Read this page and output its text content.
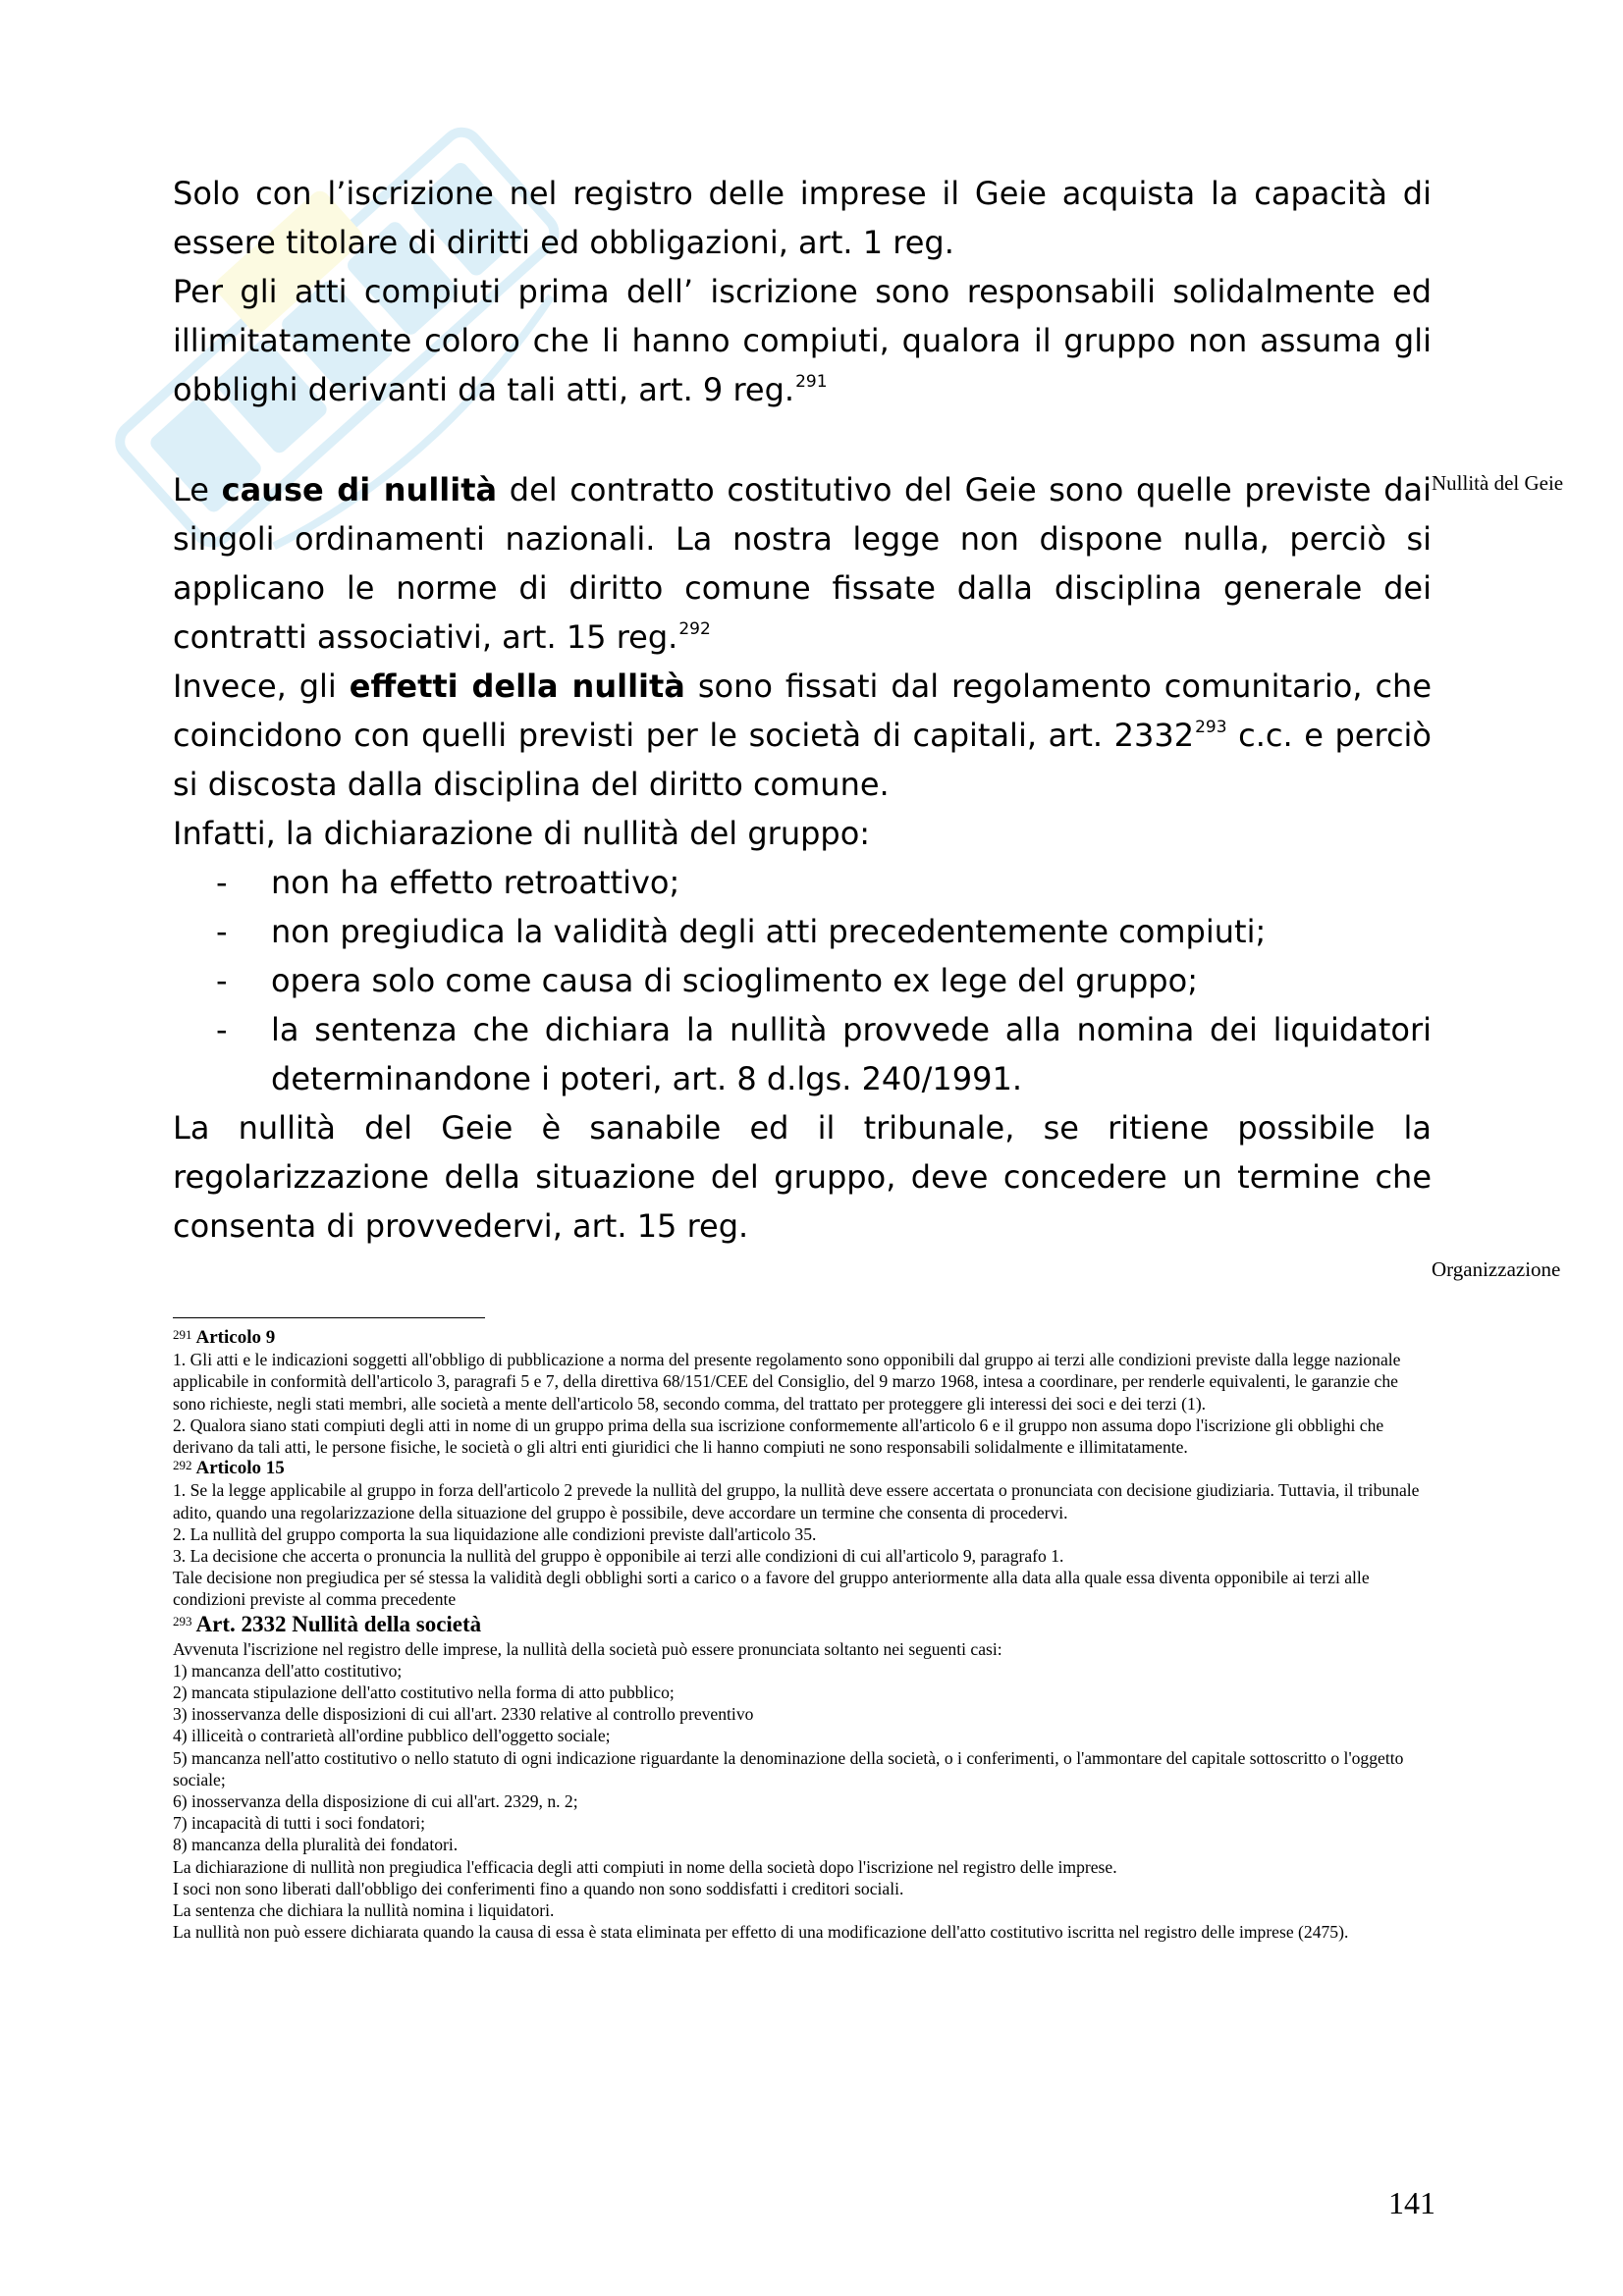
Solo con l’iscrizione nel registro delle imprese il Geie acquista la capacità di essere titolare di diritti ed obbligazioni, art. 1 reg.

Per gli atti compiuti prima dell’ iscrizione sono responsabili solidalmente ed illimitatamente coloro che li hanno compiuti, qualora il gruppo non assuma gli obblighi derivanti da tali atti, art. 9 reg.$^{291}$

Le cause di nullità del contratto costitutivo del Geie sono quelle previste dai singoli ordinamenti nazionali. La nostra legge non dispone nulla, perciò si applicano le norme di diritto comune fissate dalla disciplina generale dei contratti associativi, art. 15 reg.$^{292}$

Invece, gli effetti della nullità sono fissati dal regolamento comunitario, che coincidono con quelli previsti per le società di capitali, art. 2332$^{293}$ c.c. e perciò si discosta dalla disciplina del diritto comune.

Infatti, la dichiarazione di nullità del gruppo:

- non ha effetto retroattivo;
- non pregiudica la validità degli atti precedentemente compiuti;
- opera solo come causa di scioglimento ex lege del gruppo;
- la sentenza che dichiara la nullità provvede alla nomina dei liquidatori determinandone i poteri, art. 8 d.lgs. 240/1991.

La nullità del Geie è sanabile ed il tribunale, se ritiene possibile la regolarizzazione della situazione del gruppo, deve concedere un termine che consenta di provvedervi, art. 15 reg.

Nullità del Geie
Organizzazione

$^{291}$ Articolo 9

1. Gli atti e le indicazioni soggetti all'obbligo di pubblicazione a norma del presente regolamento sono opponibili dal gruppo ai terzi alle condizioni previste dalla legge nazionale applicabile in conformità dell'articolo 3, paragrafi 5 e 7, della direttiva 68/151/CEE del Consiglio, del 9 marzo 1968, intesa a coordinare, per renderle equivalenti, le garanzie che sono richieste, negli stati membri, alle società a mente dell'articolo 58, secondo comma, del trattato per proteggere gli interessi dei soci e dei terzi (1).

2. Qualora siano stati compiuti degli atti in nome di un gruppo prima della sua iscrizione conformemente all'articolo 6 e il gruppo non assuma dopo l'iscrizione gli obblighi che derivano da tali atti, le persone fisiche, le società o gli altri enti giuridici che li hanno compiuti ne sono responsabili solidalmente e illimitatamente.

$^{292}$ Articolo 15

1. Se la legge applicabile al gruppo in forza dell'articolo 2 prevede la nullità del gruppo, la nullità deve essere accertata o pronunciata con decisione giudiziaria. Tuttavia, il tribunale adito, quando una regolarizzazione della situazione del gruppo è possibile, deve accordare un termine che consenta di procedervi.

2. La nullità del gruppo comporta la sua liquidazione alle condizioni previste dall'articolo 35.

3. La decisione che accerta o pronuncia la nullità del gruppo è opponibile ai terzi alle condizioni di cui all'articolo 9, paragrafo 1.

Tale decisione non pregiudica per sé stessa la validità degli obblighi sorti a carico o a favore del gruppo anteriormente alla data alla quale essa diventa opponibile ai terzi alle condizioni previste al comma precedente

$^{293}$ Art. 2332 Nullità della società

Avvenuta l'iscrizione nel registro delle imprese, la nullità della società può essere pronunciata soltanto nei seguenti casi:

1) mancanza dell'atto costitutivo;

2) mancata stipulazione dell'atto costitutivo nella forma di atto pubblico;

3) inosservanza delle disposizioni di cui all'art. 2330 relative al controllo preventivo

4) illiceità o contrarietà all'ordine pubblico dell'oggetto sociale;

5) mancanza nell'atto costitutivo o nello statuto di ogni indicazione riguardante la denominazione della società, o i conferimenti, o l'ammontare del capitale sottoscritto o l'oggetto sociale;

6) inosservanza della disposizione di cui all'art. 2329, n. 2;

7) incapacità di tutti i soci fondatori;

8) mancanza della pluralità dei fondatori.

La dichiarazione di nullità non pregiudica l'efficacia degli atti compiuti in nome della società dopo l'iscrizione nel registro delle imprese.

I soci non sono liberati dall'obbligo dei conferimenti fino a quando non sono soddisfatti i creditori sociali.

La sentenza che dichiara la nullità nomina i liquidatori.

La nullità non può essere dichiarata quando la causa di essa è stata eliminata per effetto di una modificazione dell'atto costitutivo iscritta nel registro delle imprese (2475).

141
